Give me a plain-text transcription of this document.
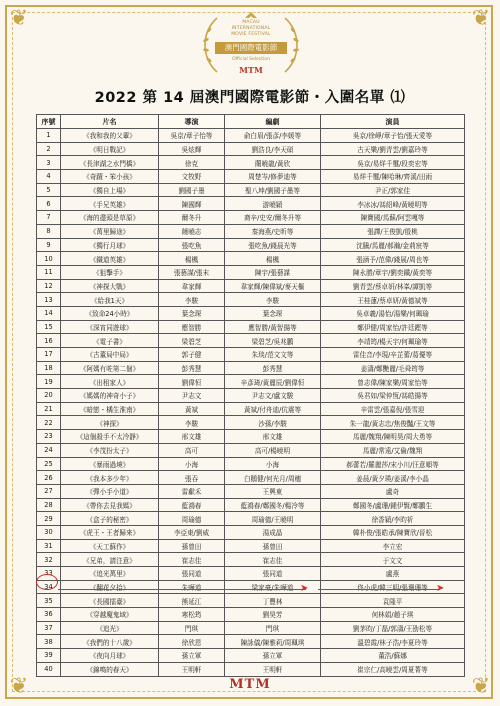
❦	❦
❦	❦
MACAU
INTERNATIONAL
MOVIE FESTIVAL
澳門國際電影節
Official Selection
MTM
2022 第 14 屆澳門國際電影節・入圍名單 ⑴
序號	片名	導演	編劇	演員
1	《我和我的父輩》	吳京/章子怡等	俞白眉/張彥/李媛等	吳京/徐崢/章子怡/張天愛等
2	《明日戰記》	吳炫輝	劉浩良/李天碩	古天樂/劉青雲/劉嘉玲等
3	《長津湖之水門橋》	徐克	蘭曉龍/黃欣	吳京/易烊千璽/段奕宏等
4	《奇蹟・笨小孩》	文牧野	周楚岑/修夢迪等	易烊千璽/陳哈琳/齊溪/田雨
5	《獨自上場》	劉國子墨	聖八坤/劉國子墨等	尹正/郭家佳
6	《手兄英雄》	陳國輝	游曉穎	李冰冰/馮紹峰/黃曉明等
7	《海的盡頭是草原》	爾冬升	裔辛/史安/爾冬升等	陳寶國/馬蘇/阿雲嘎等
8	《萬里歸途》	饒曉志	秦海燕/史昕等	張譯/王俊凱/殷桃
9	《獨行月球》	張吃魚	張吃魚/錢晨光等	沈騰/馬麗/郝瀚/金荊宸等
10	《鐵道英雄》	楊楓	楊楓	張涵予/范偉/錢展/周也等
11	《狙擊手》	張藝謀/張末	陳宇/張藝謀	陳永勝/章宇/劉奕鐵/黃奕等
12	《神探大戰》	韋家輝	韋家輝/陳偉斌/麥天樞	劉青雲/蔡卓妍/林峯/譚凱等
13	《給我1天》	李駿	李駿	王桂蓮/蔡卓妍/黃德斌等
14	《致命24小時》	葉念琛	葉念琛	吳卓羲/湯怡/湯樂/何珮瑜
15	《深宵同遊球》	應智勝	應智勝/黃智揚等	鄭伊健/周家怡/許廷鏗等
16	《電子書》	梁碧芝	梁碧芝/吳兆鵬	李靖筠/楊天宇/何珮瑜等
17	《古董局中局》	郭子健	朱琰/范文文等	雷佳音/李現/辛芷蕾/葛優等
18	《阿媽有咗第二個》	彭秀慧	彭秀慧	姜濤/鄭艷麗/毛舜筠等
19	《出租家人》	劉偉恒	辛彥琦/黃麗辰/劉偉恒	曾志偉/陳家樂/周家怡等
20	《媽媽的神奇小子》	尹志文	尹志文/盧文駿	吳君如/梁仲恆/馮皓揚等
21	《暗戀・橘生淮南》	黃斌	黃斌/付舟迪/伉震等	辛雷雲/張嘉倪/張雪迎
22	《神探》	李駿	沙孫/李駿	朱一龍/黃志忠/焦俊豔/王文等
23	《這個殺手不太冷靜》	邢文雄	邢文雄	馬麗/魏翔/陳明昊/周大勇等
24	《李茂扮太子》	高可	高可/楊曉明	馬麗/常遠/艾倫/魏翔
25	《暴雨過境》	小海	小海	郝蕾若/羅麗莎/宋小川/汪意順等
26	《我本多少年》	張吞	白鵝健/何光月/周穗	姜晨/黃夕瑛/姜溪/李小晶
27	《彈小手小道》	雷獻禾	王興東	盧奇
28	《帶你去見我媽》	藍鴻春	藍鴻春/鄭國冬/楊冷等	鄭國冬/盧珊/鍾伊賢/鄭鵬生
29	《盒子的秘密》	周瑜德	周瑜德/王曉明	徐香穎/李昀祈
30	《虎王・王者歸來》	李亞東/劉威	湯成晶	韓朴俊/張皓承/陳寶欣/晉松
31	《天工蘇作》	孫曾田	孫曾田	李立宏
32	《兄弟，請注意》	崔志佳	崔志佳	于文文
33	《追光萬里》	張同道	張同道	盧燕
34	《翻花夕拾》	朱曄道	梁家豪/朱曄道	佟小虎/韓三明/張珊珊等
35	《長國擂臺》	熊延江	丁豐林	袁隆平
36	《穿越魔鬼域》	寒松筠	劉昊芳	何林娟/趙子琪
37	《追光》	門琪	門琪	劉茅昀/丁磊/郭濤/王劭松等
38	《我們的十八歲》	徐欣恩	陳詠儀/陳雅莉/周珮琪	溫碧霞/林子浩/李夏玲等
39	《夜向月球》	孫立軍	孫立軍	董浩/蘇娜
40	《錦鳴的春天》	王明軒	王明軒	崔宗仁/高曉雲/周夏菁等
➤	➤
MTM
